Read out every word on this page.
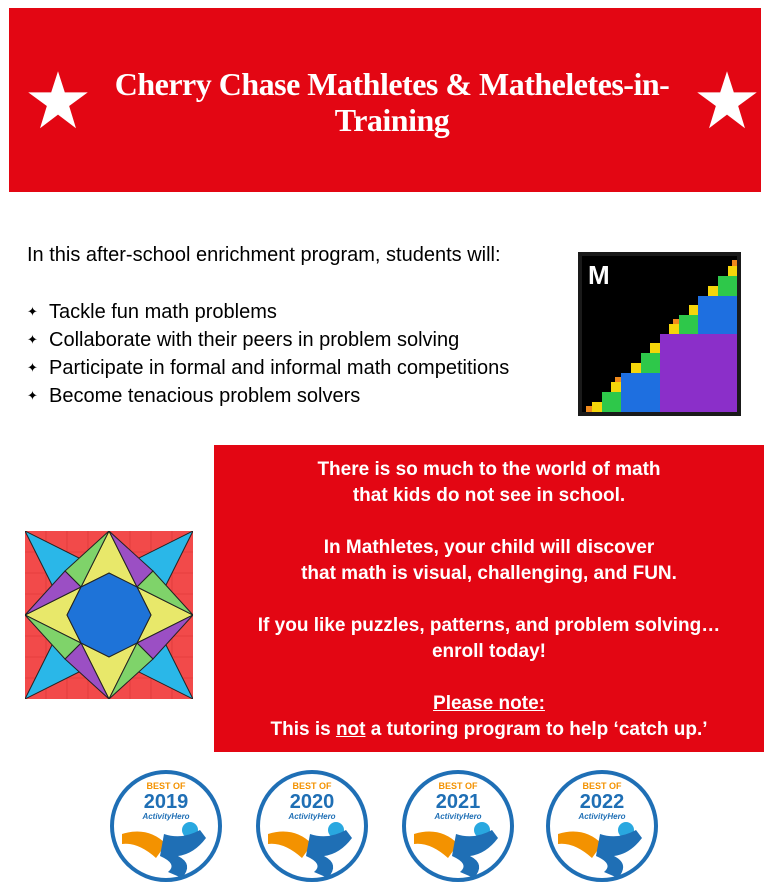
Cherry Chase Mathletes & Matheletes-in-
Training
In this after-school enrichment program, students will:
✦ Tackle fun math problems
✦ Collaborate with their peers in problem solving
✦ Participate in formal and informal math competitions
✦ Become tenacious problem solvers
M

There is so much to the world of math

that kids do not see in school.

In Mathletes, your child will discover

that math is visual, challenging, and FUN.

If you like puzzles, patterns, and problem solving…

enroll today!

Please note:

This is not a tutoring program to help ‘catch up.’

BEST OF
2019
ActivityHero
BEST OF
2020
ActivityHero
BEST OF
2021
ActivityHero
BEST OF
2022
ActivityHero
